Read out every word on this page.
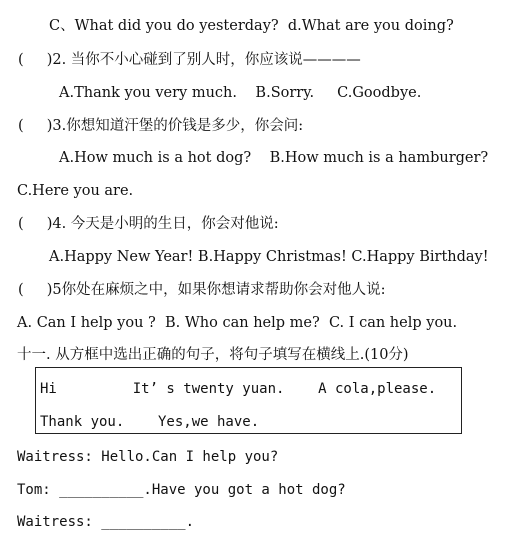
C、What did you do yesterday?  d.What are you doing?
(     )2. 当你不小心碰到了别人时，你应该说————
A.Thank you very much.    B.Sorry.     C.Goodbye.
(     )3.你想知道汗堡的价钱是多少，你会问:
A.How much is a hot dog?    B.How much is a hamburger?
C.Here you are.
(     )4. 今天是小明的生日，你会对他说:
A.Happy New Year! B.Happy Christmas! C.Happy Birthday!
(     )5你处在麻烦之中，如果你想请求帮助你会对他人说:
A. Can I help you ?  B. Who can help me?  C. I can help you.
十一. 从方框中选出正确的句子，将句子填写在横线上.(10分)
Hi         It’ s twenty yuan.    A cola,please.
Thank you.    Yes,we have.
Waitress: Hello.Can I help you?
Tom: __________.Have you got a hot dog?
Waitress: __________.
